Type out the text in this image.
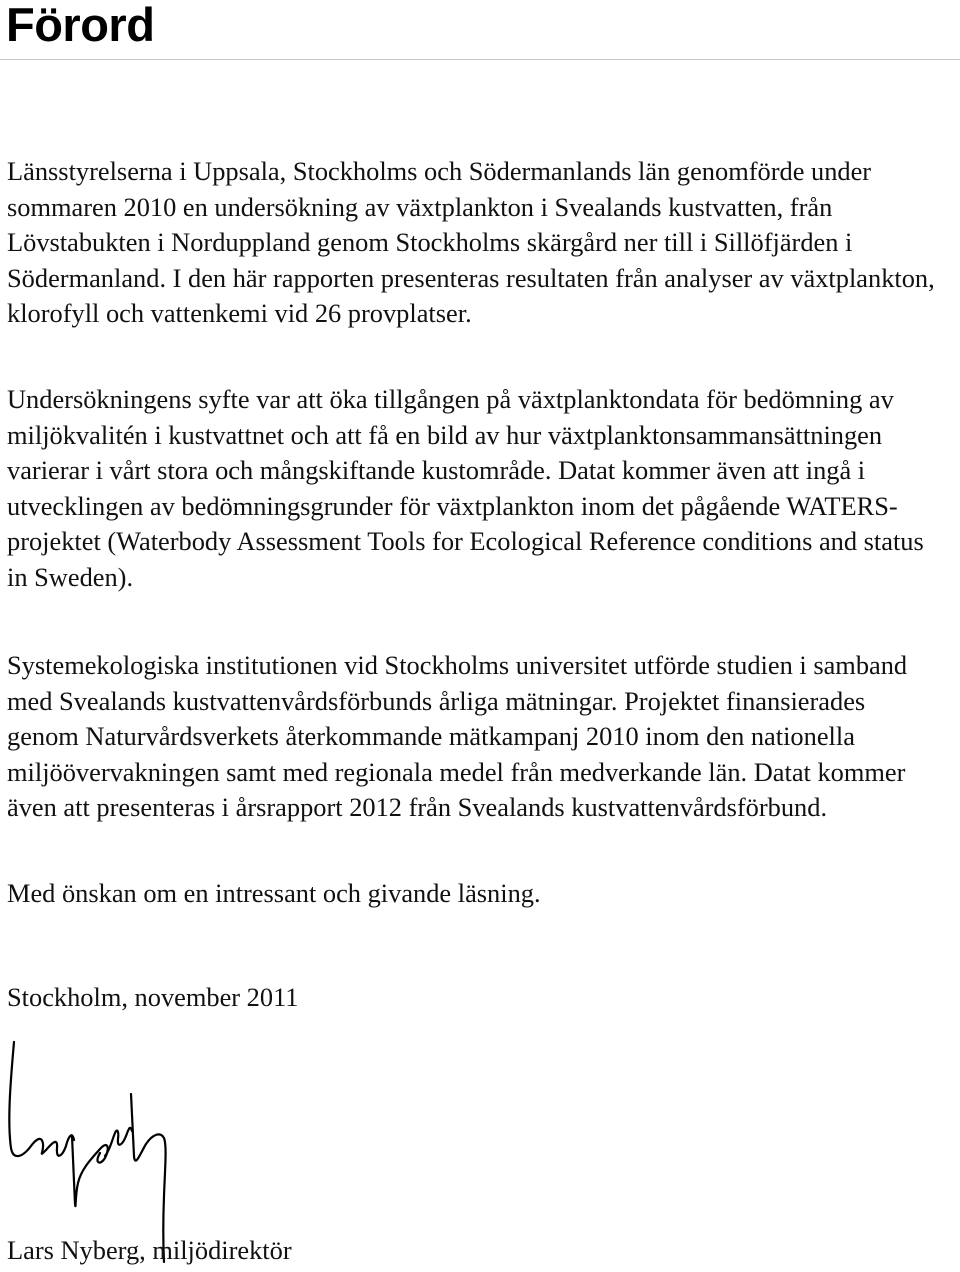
Förord

Länsstyrelserna i Uppsala, Stockholms och Södermanlands län genomförde under sommaren 2010 en undersökning av växtplankton i Svealands kustvatten, från Lövstabukten i Norduppland genom Stockholms skärgård ner till i Sillöfjärden i Södermanland. I den här rapporten presenteras resultaten från analyser av växtplankton, klorofyll och vattenkemi vid 26 provplatser.

Undersökningens syfte var att öka tillgången på växtplanktondata för bedömning av miljökvalitén i kustvattnet och att få en bild av hur växtplanktonsammansättningen varierar i vårt stora och mångskiftande kustområde. Datat kommer även att ingå i utvecklingen av bedömningsgrunder för växtplankton inom det pågående WATERS-projektet (Waterbody Assessment Tools for Ecological Reference conditions and status in Sweden).

Systemekologiska institutionen vid Stockholms universitet utförde studien i samband med Svealands kustvattenvårdsförbunds årliga mätningar. Projektet finansierades genom Naturvårdsverkets återkommande mätkampanj 2010 inom den nationella miljöövervakningen samt med regionala medel från medverkande län. Datat kommer även att presenteras i årsrapport 2012 från Svealands kustvattenvårdsförbund.

Med önskan om en intressant och givande läsning.

Stockholm, november 2011

Lars Nyberg, miljödirektör
